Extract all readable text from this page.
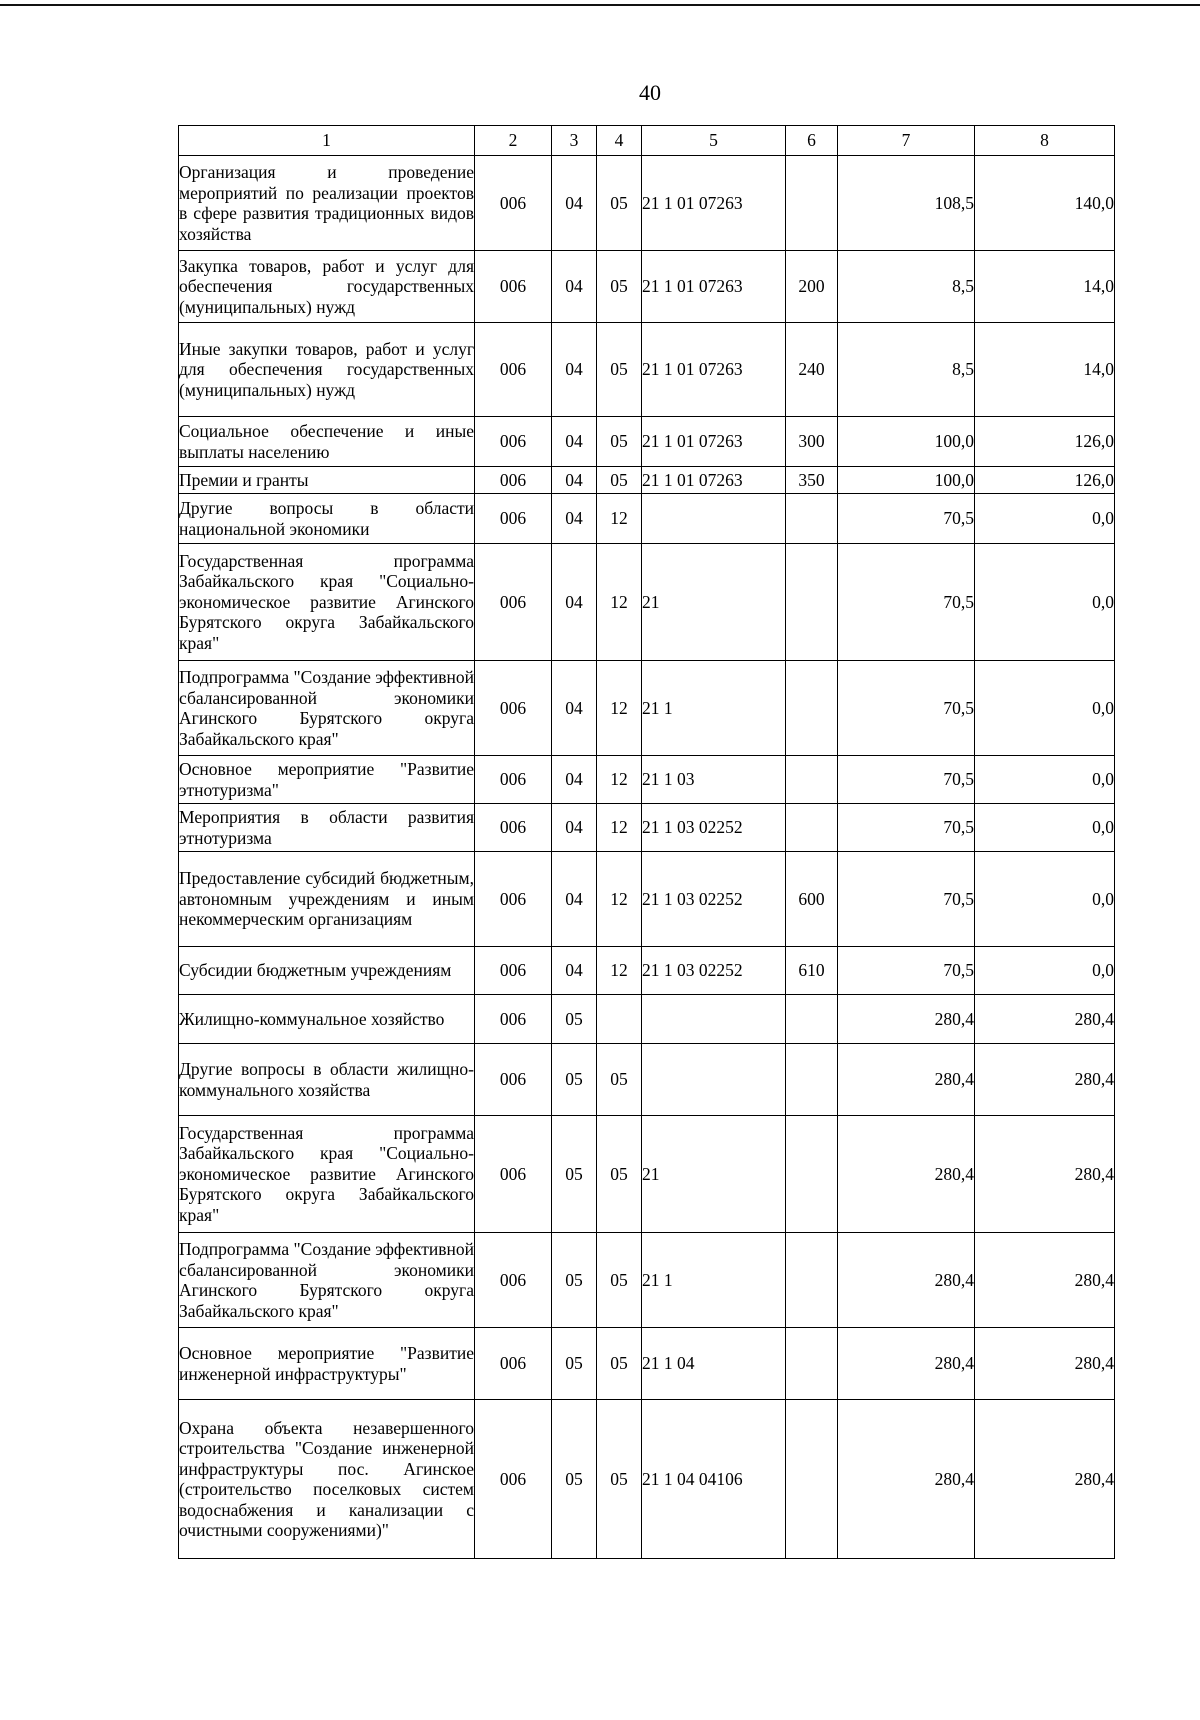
40
1	2	3	4	5	6	7	8
Организация и проведение мероприятий по реализации проектов в сфере развития традиционных видов хозяйства	006	04	05	21 1 01 07263		108,5	140,0
Закупка товаров, работ и услуг для обеспечения государственных (муниципальных) нужд	006	04	05	21 1 01 07263	200	8,5	14,0
Иные закупки товаров, работ и услуг для обеспечения государственных (муниципальных) нужд	006	04	05	21 1 01 07263	240	8,5	14,0
Социальное обеспечение и иные выплаты населению	006	04	05	21 1 01 07263	300	100,0	126,0
Премии и гранты	006	04	05	21 1 01 07263	350	100,0	126,0
Другие вопросы в области национальной экономики	006	04	12			70,5	0,0
Государственная программа Забайкальского края "Социально-экономическое развитие Агинского Бурятского округа Забайкальского края"	006	04	12	21		70,5	0,0
Подпрограмма "Создание эффективной сбалансированной экономики Агинского Бурятского округа Забайкальского края"	006	04	12	21 1		70,5	0,0
Основное мероприятие "Развитие этнотуризма"	006	04	12	21 1 03		70,5	0,0
Мероприятия в области развития этнотуризма	006	04	12	21 1 03 02252		70,5	0,0
Предоставление субсидий бюджетным, автономным учреждениям и иным некоммерческим организациям	006	04	12	21 1 03 02252	600	70,5	0,0
Субсидии бюджетным учреждениям	006	04	12	21 1 03 02252	610	70,5	0,0
Жилищно-коммунальное хозяйство	006	05				280,4	280,4
Другие вопросы в области жилищно-коммунального хозяйства	006	05	05			280,4	280,4
Государственная программа Забайкальского края "Социально-экономическое развитие Агинского Бурятского округа Забайкальского края"	006	05	05	21		280,4	280,4
Подпрограмма "Создание эффективной сбалансированной экономики Агинского Бурятского округа Забайкальского края"	006	05	05	21 1		280,4	280,4
Основное мероприятие "Развитие инженерной инфраструктуры"	006	05	05	21 1 04		280,4	280,4
Охрана объекта незавершенного строительства "Создание инженерной инфраструктуры пос. Агинское (строительство поселковых систем водоснабжения и канализации с очистными сооружениями)"	006	05	05	21 1 04 04106		280,4	280,4
